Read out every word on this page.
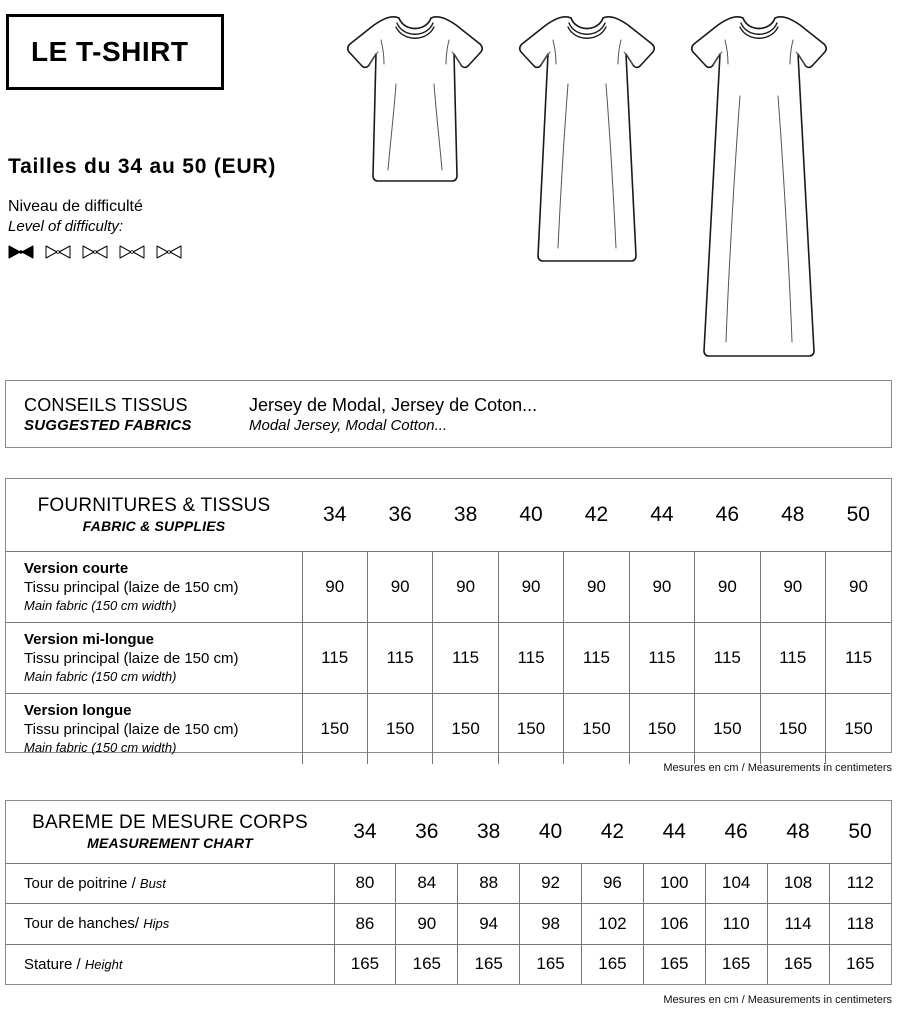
LE T-SHIRT
Tailles du 34 au 50 (EUR)
Niveau de difficulté
Level of difficulty:
CONSEILS TISSUS
SUGGESTED FABRICS
Jersey de Modal, Jersey de Coton...
Modal Jersey, Modal Cotton...
FOURNITURES & TISSUS
FABRIC & SUPPLIES	34	36	38	40	42	44	46	48	50

Version courte
Tissu principal (laize de 150 cm)
Main fabric (150 cm width)	90	90	90	90	90	90	90	90	90

Version mi-longue
Tissu principal (laize de 150 cm)
Main fabric (150 cm width)	115	115	115	115	115	115	115	115	115

Version longue
Tissu principal (laize de 150 cm)
Main fabric (150 cm width)	150	150	150	150	150	150	150	150	150
Mesures en cm / Measurements in centimeters
BAREME DE MESURE CORPS
MEASUREMENT CHART	34	36	38	40	42	44	46	48	50
Tour de poitrine / Bust	80	84	88	92	96	100	104	108	112
Tour de hanches/ Hips	86	90	94	98	102	106	110	114	118
Stature / Height	165	165	165	165	165	165	165	165	165
Mesures en cm / Measurements in centimeters
